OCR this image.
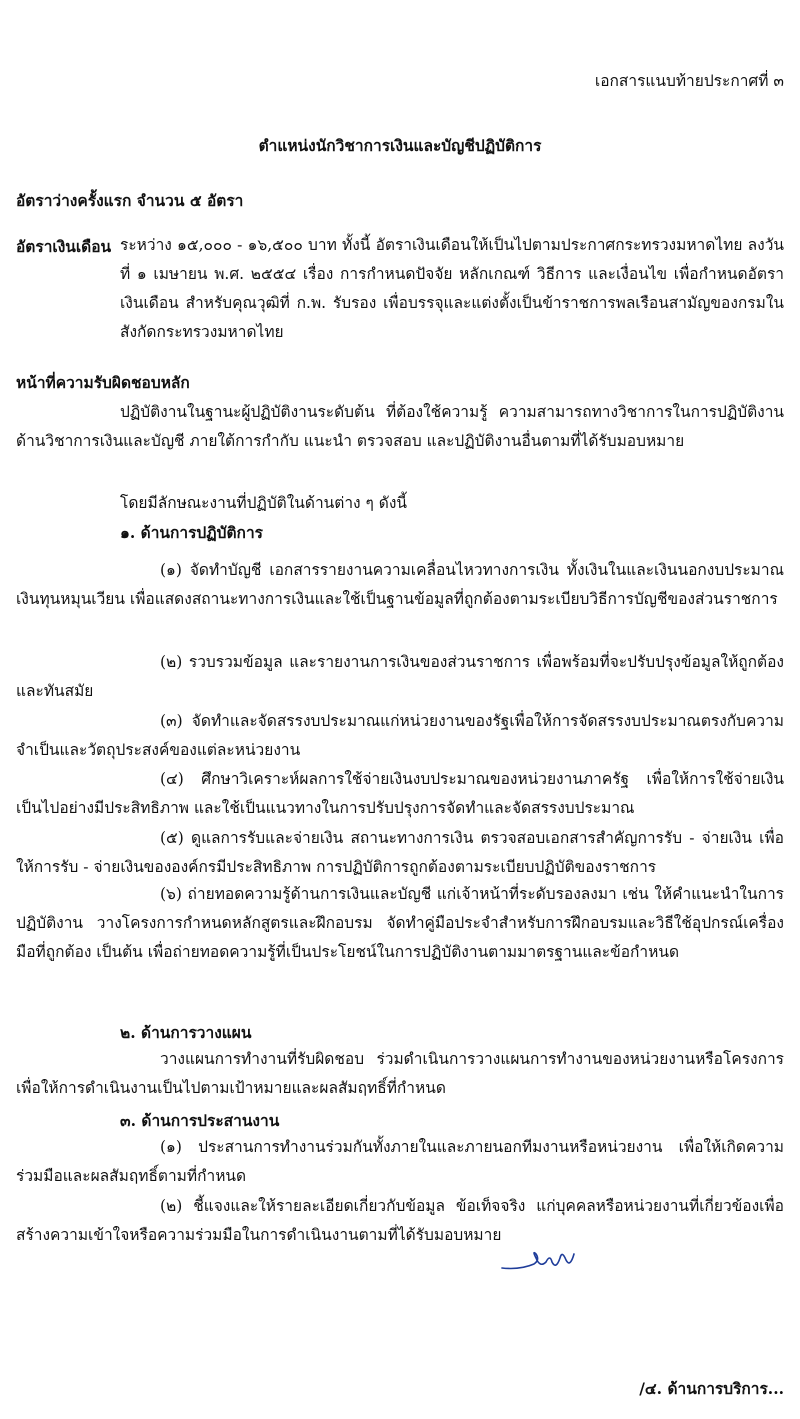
เอกสารแนบท้ายประกาศที่ ๓
ตำแหน่งนักวิชาการเงินและบัญชีปฏิบัติการ
อัตราว่างครั้งแรก จำนวน ๕ อัตรา
อัตราเงินเดือน ระหว่าง ๑๕,๐๐๐ - ๑๖,๕๐๐ บาท ทั้งนี้ อัตราเงินเดือนให้เป็นไปตามประกาศกระทรวงมหาดไทย ลงวันที่ ๑ เมษายน พ.ศ. ๒๕๕๔ เรื่อง การกำหนดปัจจัย หลักเกณฑ์ วิธีการ และเงื่อนไข เพื่อกำหนดอัตราเงินเดือน สำหรับคุณวุฒิที่ ก.พ. รับรอง เพื่อบรรจุและแต่งตั้งเป็นข้าราชการพลเรือนสามัญของกรมในสังกัดกระทรวงมหาดไทย
หน้าที่ความรับผิดชอบหลัก
ปฏิบัติงานในฐานะผู้ปฏิบัติงานระดับต้น ที่ต้องใช้ความรู้ ความสามารถทางวิชาการในการปฏิบัติงานด้านวิชาการเงินและบัญชี ภายใต้การกำกับ แนะนำ ตรวจสอบ และปฏิบัติงานอื่นตามที่ได้รับมอบหมาย
โดยมีลักษณะงานที่ปฏิบัติในด้านต่าง ๆ ดังนี้
๑. ด้านการปฏิบัติการ
(๑) จัดทำบัญชี เอกสารรายงานความเคลื่อนไหวทางการเงิน ทั้งเงินในและเงินนอกงบประมาณ เงินทุนหมุนเวียน เพื่อแสดงสถานะทางการเงินและใช้เป็นฐานข้อมูลที่ถูกต้องตามระเบียบวิธีการบัญชีของส่วนราชการ
(๒) รวบรวมข้อมูล และรายงานการเงินของส่วนราชการ เพื่อพร้อมที่จะปรับปรุงข้อมูลให้ถูกต้องและทันสมัย
(๓) จัดทำและจัดสรรงบประมาณแก่หน่วยงานของรัฐเพื่อให้การจัดสรรงบประมาณตรงกับความจำเป็นและวัตถุประสงค์ของแต่ละหน่วยงาน
(๔) ศึกษาวิเคราะห์ผลการใช้จ่ายเงินงบประมาณของหน่วยงานภาครัฐ เพื่อให้การใช้จ่ายเงินเป็นไปอย่างมีประสิทธิภาพ และใช้เป็นแนวทางในการปรับปรุงการจัดทำและจัดสรรงบประมาณ
(๕) ดูแลการรับและจ่ายเงิน สถานะทางการเงิน ตรวจสอบเอกสารสำคัญการรับ - จ่ายเงิน เพื่อให้การรับ - จ่ายเงินขององค์กรมีประสิทธิภาพ การปฏิบัติการถูกต้องตามระเบียบปฏิบัติของราชการ
(๖) ถ่ายทอดความรู้ด้านการเงินและบัญชี แก่เจ้าหน้าที่ระดับรองลงมา เช่น ให้คำแนะนำในการปฏิบัติงาน วางโครงการกำหนดหลักสูตรและฝึกอบรม จัดทำคู่มือประจำสำหรับการฝึกอบรมและวิธีใช้อุปกรณ์เครื่องมือที่ถูกต้อง เป็นต้น เพื่อถ่ายทอดความรู้ที่เป็นประโยชน์ในการปฏิบัติงานตามมาตรฐานและข้อกำหนด
๒. ด้านการวางแผน
วางแผนการทำงานที่รับผิดชอบ ร่วมดำเนินการวางแผนการทำงานของหน่วยงานหรือโครงการ เพื่อให้การดำเนินงานเป็นไปตามเป้าหมายและผลสัมฤทธิ์ที่กำหนด
๓. ด้านการประสานงาน
(๑) ประสานการทำงานร่วมกันทั้งภายในและภายนอกทีมงานหรือหน่วยงาน เพื่อให้เกิดความร่วมมือและผลสัมฤทธิ์ตามที่กำหนด
(๒) ชี้แจงและให้รายละเอียดเกี่ยวกับข้อมูล ข้อเท็จจริง แก่บุคคลหรือหน่วยงานที่เกี่ยวข้องเพื่อสร้างความเข้าใจหรือความร่วมมือในการดำเนินงานตามที่ได้รับมอบหมาย
/๔. ด้านการบริการ...
